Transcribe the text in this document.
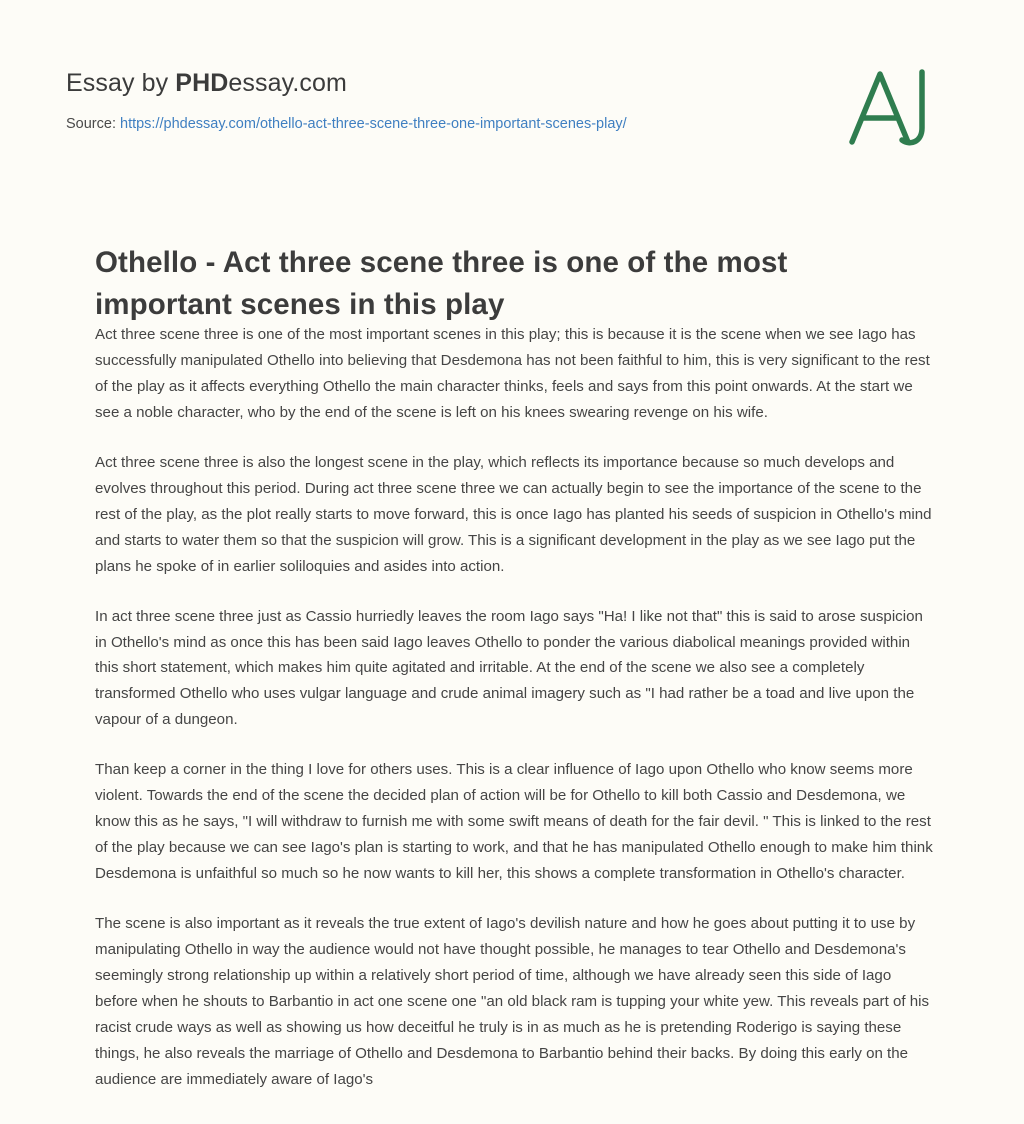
Essay by PHDessay.com
Source: https://phdessay.com/othello-act-three-scene-three-one-important-scenes-play/
Othello - Act three scene three is one of the most important scenes in this play

Act three scene three is one of the most important scenes in this play; this is because it is the scene when we see Iago has successfully manipulated Othello into believing that Desdemona has not been faithful to him, this is very significant to the rest of the play as it affects everything Othello the main character thinks, feels and says from this point onwards. At the start we see a noble character, who by the end of the scene is left on his knees swearing revenge on his wife.

Act three scene three is also the longest scene in the play, which reflects its importance because so much develops and evolves throughout this period. During act three scene three we can actually begin to see the importance of the scene to the rest of the play, as the plot really starts to move forward, this is once Iago has planted his seeds of suspicion in Othello's mind and starts to water them so that the suspicion will grow. This is a significant development in the play as we see Iago put the plans he spoke of in earlier soliloquies and asides into action.

In act three scene three just as Cassio hurriedly leaves the room Iago says "Ha! I like not that" this is said to arose suspicion in Othello's mind as once this has been said Iago leaves Othello to ponder the various diabolical meanings provided within this short statement, which makes him quite agitated and irritable. At the end of the scene we also see a completely transformed Othello who uses vulgar language and crude animal imagery such as "I had rather be a toad and live upon the vapour of a dungeon.

Than keep a corner in the thing I love for others uses. This is a clear influence of Iago upon Othello who know seems more violent. Towards the end of the scene the decided plan of action will be for Othello to kill both Cassio and Desdemona, we know this as he says, "I will withdraw to furnish me with some swift means of death for the fair devil. " This is linked to the rest of the play because we can see Iago's plan is starting to work, and that he has manipulated Othello enough to make him think Desdemona is unfaithful so much so he now wants to kill her, this shows a complete transformation in Othello's character.

The scene is also important as it reveals the true extent of Iago's devilish nature and how he goes about putting it to use by manipulating Othello in way the audience would not have thought possible, he manages to tear Othello and Desdemona's seemingly strong relationship up within a relatively short period of time, although we have already seen this side of Iago before when he shouts to Barbantio in act one scene one "an old black ram is tupping your white yew. This reveals part of his racist crude ways as well as showing us how deceitful he truly is in as much as he is pretending Roderigo is saying these things, he also reveals the marriage of Othello and Desdemona to Barbantio behind their backs. By doing this early on the audience are immediately aware of Iago's
